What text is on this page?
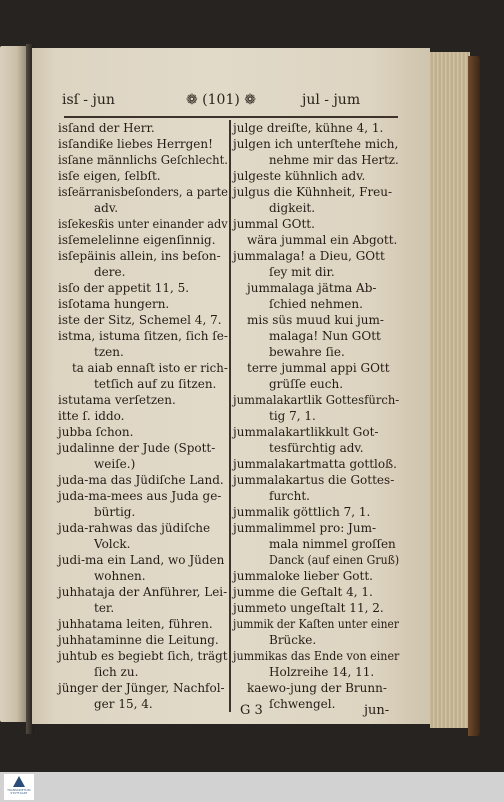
isſ - jun	❁ (101) ❁	jul - jum
isſand der Herr.
isſandiƙe liebes Herrgen!
isſane männlichs Geſchlecht.
isſe eigen, ſelbſt.
isſeärranisbeſonders, a parte
adv.
isſekesƙis unter einander adv
isſemelelinne eigenſinnig.
isſepäinis allein, ins beſon-
dere.
isſo der appetit 11, 5.
isſotama hungern.
iste der Sitz, Schemel 4, 7.
istma, istuma ſitzen, ſich ſe-
tzen.
ta aiab ennaſt isto er rich-
tetſich auf zu ſitzen.
istutama verſetzen.
itte ſ. iddo.
jubba ſchon.
judalinne der Jude (Spott-
weiſe.)
juda-ma das Jüdiſche Land.
juda-ma-mees aus Juda ge-
bürtig.
juda-rahwas das jüdiſche
Volck.
judi-ma ein Land, wo Jüden
wohnen.
juhhataja der Anführer, Lei-
ter.
juhhatama leiten, führen.
juhhataminne die Leitung.
juhtub es begiebt ſich, trägt
ſich zu.
jünger der Jünger, Nachfol-
ger 15, 4.
julge dreiſte, kühne 4, 1.
julgen ich unterſtehe mich,
nehme mir das Hertz.
julgeste kühnlich adv.
julgus die Kühnheit, Freu-
digkeit.
jummal GOtt.
wära jummal ein Abgott.
jummalaga! a Dieu, GOtt
ſey mit dir.
jummalaga jätma Ab-
ſchied nehmen.
mis süs muud kui jum-
malaga! Nun GOtt
bewahre ſie.
terre jummal appi GOtt
grüſſe euch.
jummalakartlik Gottesfürch-
tig 7, 1.
jummalakartlikkult Got-
tesfürchtig adv.
jummalakartmatta gottloß.
jummalakartus die Gottes-
furcht.
jummalik göttlich 7, 1.
jummalimmel pro: Jum-
mala nimmel groſſen
Danck (auf einen Gruß)
jummaloke lieber Gott.
jumme die Geſtalt 4, 1.
jummeto ungeſtalt 11, 2.
jummik der Kaſten unter einer
Brücke.
jummikas das Ende von einer
Holzreihe 14, 11.
kaewo-jung der Brunn-
ſchwengel.
G 3	jun-
TRANSKRIPTION STUTTGART
